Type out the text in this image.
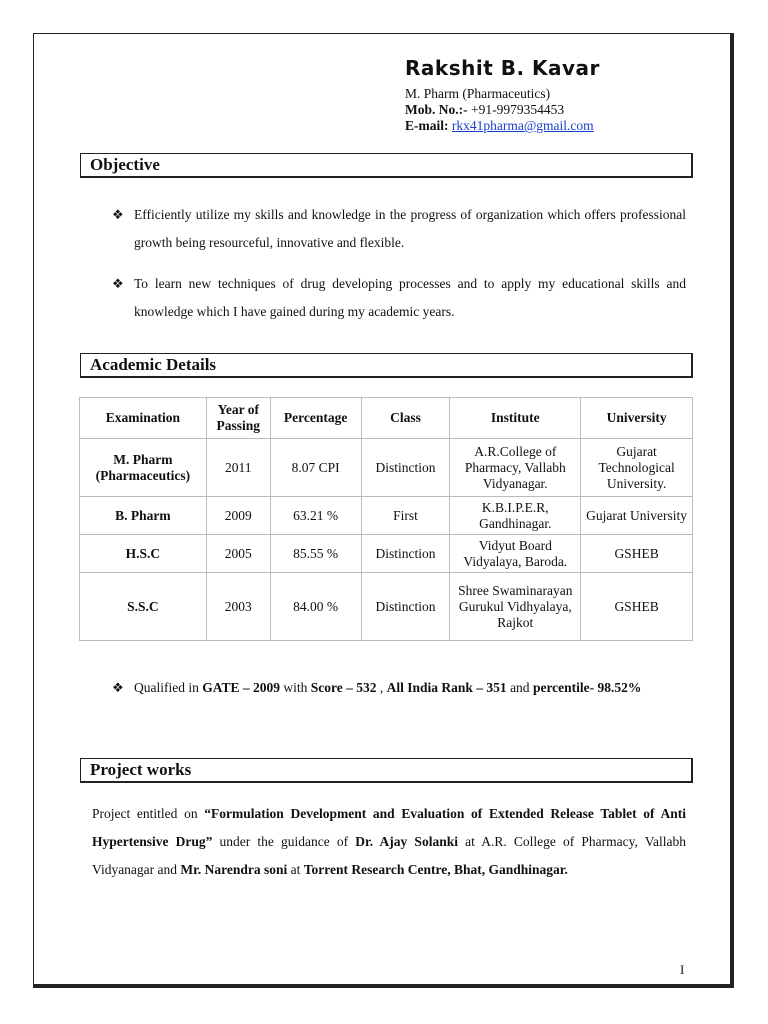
Rakshit B. Kavar
M. Pharm (Pharmaceutics)
Mob. No.:- +91-9979354453
E-mail: rkx41pharma@gmail.com
Objective
❖ Efficiently utilize my skills and knowledge in the progress of organization which offers professional growth being resourceful, innovative and flexible.
❖ To learn new techniques of drug developing processes and to apply my educational skills and knowledge which I have gained during my academic years.
Academic Details
Examination	Year of Passing	Percentage	Class	Institute	University
M. Pharm (Pharmaceutics)	2011	8.07 CPI	Distinction	A.R.College of Pharmacy, Vallabh Vidyanagar.	Gujarat Technological University.
B. Pharm	2009	63.21 %	First	K.B.I.P.E.R, Gandhinagar.	Gujarat University
H.S.C	2005	85.55 %	Distinction	Vidyut Board Vidyalaya, Baroda.	GSHEB
S.S.C	2003	84.00 %	Distinction	Shree Swaminarayan Gurukul Vidhyalaya, Rajkot	GSHEB
❖ Qualified in GATE – 2009 with Score – 532 , All India Rank – 351 and percentile- 98.52%
Project works
Project entitled on “Formulation Development and Evaluation of Extended Release Tablet of Anti Hypertensive Drug” under the guidance of Dr. Ajay Solanki at A.R. College of Pharmacy, Vallabh Vidyanagar and Mr. Narendra soni at Torrent Research Centre, Bhat, Gandhinagar.
I
